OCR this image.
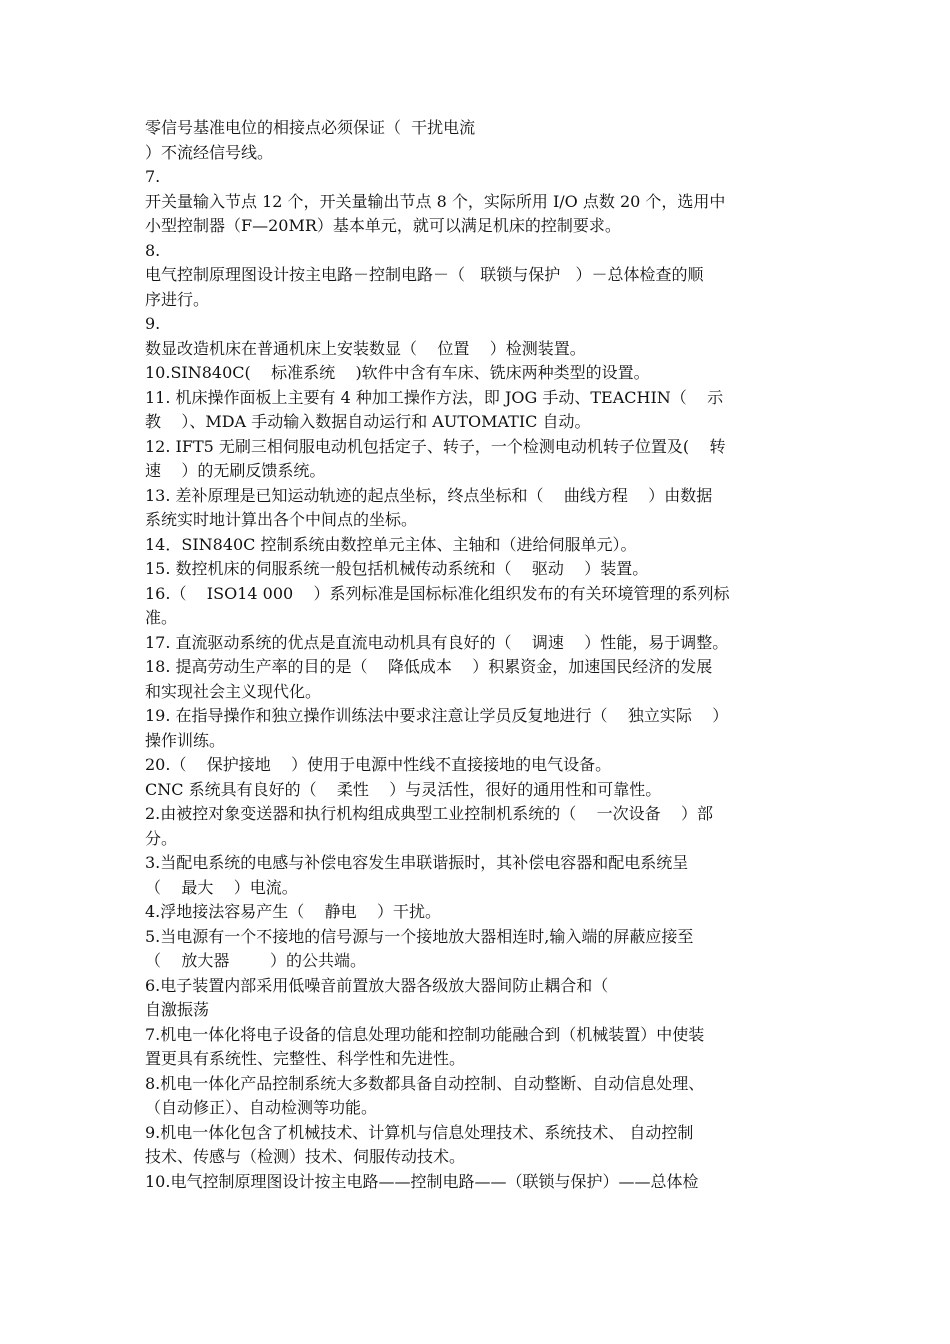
零信号基准电位的相接点必须保证（  干扰电流
）不流经信号线。
7.
开关量输入节点 12 个，开关量输出节点 8 个，实际所用 I/O 点数 20 个，选用中
小型控制器（F—20MR）基本单元，就可以满足机床的控制要求。
8.
电气控制原理图设计按主电路－控制电路－（   联锁与保护   ）－总体检查的顺
序进行。
9.
数显改造机床在普通机床上安装数显（    位置    ）检测装置。
10.SIN840C(    标准系统    )软件中含有车床、铣床两种类型的设置。
11. 机床操作面板上主要有 4 种加工操作方法，即 JOG 手动、TEACHIN（    示
教    ）、MDA 手动输入数据自动运行和 AUTOMATIC 自动。
12. IFT5 无刷三相伺服电动机包括定子、转子，一个检测电动机转子位置及(    转
速    ）的无刷反馈系统。
13. 差补原理是已知运动轨迹的起点坐标，终点坐标和（    曲线方程    ）由数据
系统实时地计算出各个中间点的坐标。
14．SIN840C 控制系统由数控单元主体、主轴和（进给伺服单元）。
15. 数控机床的伺服系统一般包括机械传动系统和（    驱动    ）装置。
16.（    ISO14 000    ）系列标准是国标标准化组织发布的有关环境管理的系列标
准。
17. 直流驱动系统的优点是直流电动机具有良好的（    调速    ）性能，易于调整。
18. 提高劳动生产率的目的是（    降低成本    ）积累资金，加速国民经济的发展
和实现社会主义现代化。
19. 在指导操作和独立操作训练法中要求注意让学员反复地进行（    独立实际    ）
操作训练。
20.（    保护接地    ）使用于电源中性线不直接接地的电气设备。
CNC 系统具有良好的（    柔性    ）与灵活性，很好的通用性和可靠性。
2.由被控对象变送器和执行机构组成典型工业控制机系统的（    一次设备    ）部
分。
3.当配电系统的电感与补偿电容发生串联谐振时，其补偿电容器和配电系统呈
（    最大    ）电流。
4.浮地接法容易产生（    静电    ）干扰。
5.当电源有一个不接地的信号源与一个接地放大器相连时,输入端的屏蔽应接至
（    放大器        ）的公共端。
6.电子装置内部采用低噪音前置放大器各级放大器间防止耦合和（
自激振荡
7.机电一体化将电子设备的信息处理功能和控制功能融合到（机械装置）中使装
置更具有系统性、完整性、科学性和先进性。
8.机电一体化产品控制系统大多数都具备自动控制、自动整断、自动信息处理、
（自动修正）、自动检测等功能。
9.机电一体化包含了机械技术、计算机与信息处理技术、系统技术、 自动控制
技术、传感与（检测）技术、伺服传动技术。
10.电气控制原理图设计按主电路——控制电路——（联锁与保护）——总体检
